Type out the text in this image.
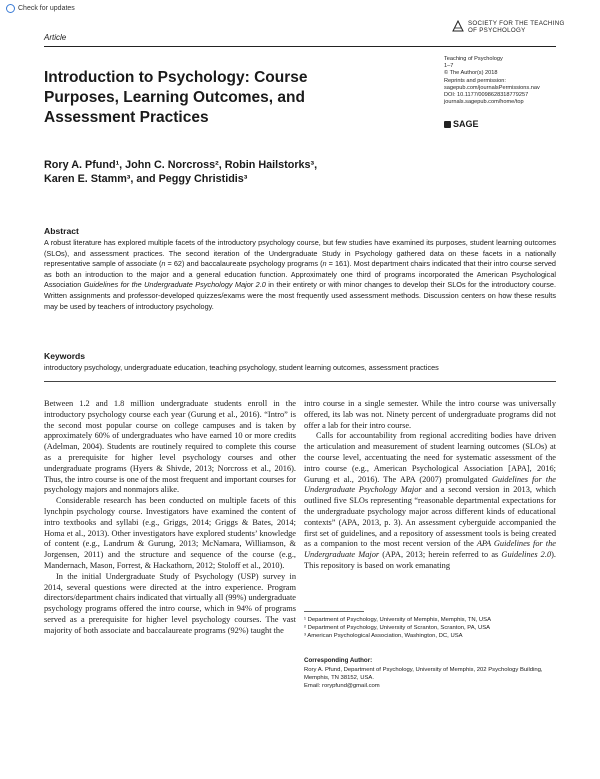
Check for updates
Article
SOCIETY FOR THE TEACHING
OF PSYCHOLOGY
Teaching of Psychology
1–7
© The Author(s) 2018
Reprints and permission:
sagepub.com/journalsPermissions.nav
DOI: 10.1177/0098628318779257
journals.sagepub.com/home/top
SAGE
Introduction to Psychology: Course Purposes, Learning Outcomes, and Assessment Practices
Rory A. Pfund¹, John C. Norcross², Robin Hailstorks³,
Karen E. Stamm³, and Peggy Christidis³
Abstract
A robust literature has explored multiple facets of the introductory psychology course, but few studies have examined its purposes, student learning outcomes (SLOs), and assessment practices. The second iteration of the Undergraduate Study in Psychology gathered data on these facets in a nationally representative sample of associate (n = 62) and baccalaureate psychology programs (n = 161). Most department chairs indicated that their intro course served as both an introduction to the major and a general education function. Approximately one third of programs incorporated the American Psychological Association Guidelines for the Undergraduate Psychology Major 2.0 in their entirety or with minor changes to develop their SLOs for the introductory course. Written assignments and professor-developed quizzes/exams were the most frequently used assessment methods. Discussion centers on how these results may be used by teachers of introductory psychology.
Keywords
introductory psychology, undergraduate education, teaching psychology, student learning outcomes, assessment practices

Between 1.2 and 1.8 million undergraduate students enroll in the introductory psychology course each year (Gurung et al., 2016). “Intro” is the second most popular course on college campuses and is taken by approximately 60% of undergraduates who have earned 10 or more credits (Adelman, 2004). Students are routinely required to complete this course as a prerequisite for higher level psychology courses and other undergraduate programs (Hyers & Shivde, 2013; Norcross et al., 2016). Thus, the intro course is one of the most frequent and important courses for psychology majors and nonmajors alike.

Considerable research has been conducted on multiple facets of this lynchpin psychology course. Investigators have examined the content of intro textbooks and syllabi (e.g., Griggs, 2014; Griggs & Bates, 2014; Homa et al., 2013). Other investigators have explored students’ knowledge of content (e.g., Landrum & Gurung, 2013; McNamara, Williamson, & Jorgensen, 2011) and the structure and sequence of the course (e.g., Mandernach, Mason, Forrest, & Hackathorn, 2012; Stoloff et al., 2010).

In the initial Undergraduate Study of Psychology (USP) survey in 2014, several questions were directed at the intro experience. Program directors/department chairs indicated that virtually all (99%) undergraduate psychology programs offered the intro course, which in 94% of programs served as a prerequisite for higher level psychology courses. The vast majority of both associate and baccalaureate programs (92%) taught the

intro course in a single semester. While the intro course was universally offered, its lab was not. Ninety percent of undergraduate programs did not offer a lab for their intro course.

Calls for accountability from regional accrediting bodies have driven the articulation and measurement of student learning outcomes (SLOs) at the course level, accentuating the need for systematic assessment of the intro course (e.g., American Psychological Association [APA], 2016; Gurung et al., 2016). The APA (2007) promulgated Guidelines for the Undergraduate Psychology Major and a second version in 2013, which outlined five SLOs representing “reasonable departmental expectations for the undergraduate psychology major across different kinds of educational contexts” (APA, 2013, p. 3). An assessment cyberguide accompanied the first set of guidelines, and a repository of assessment tools is being created as a companion to the most recent version of the APA Guidelines for the Undergraduate Major (APA, 2013; herein referred to as Guidelines 2.0). This repository is based on work emanating

¹ Department of Psychology, University of Memphis, Memphis, TN, USA
² Department of Psychology, University of Scranton, Scranton, PA, USA
³ American Psychological Association, Washington, DC, USA
Corresponding Author:
Rory A. Pfund, Department of Psychology, University of Memphis, 202 Psychology Building, Memphis, TN 38152, USA.
Email: rorypfund@gmail.com
